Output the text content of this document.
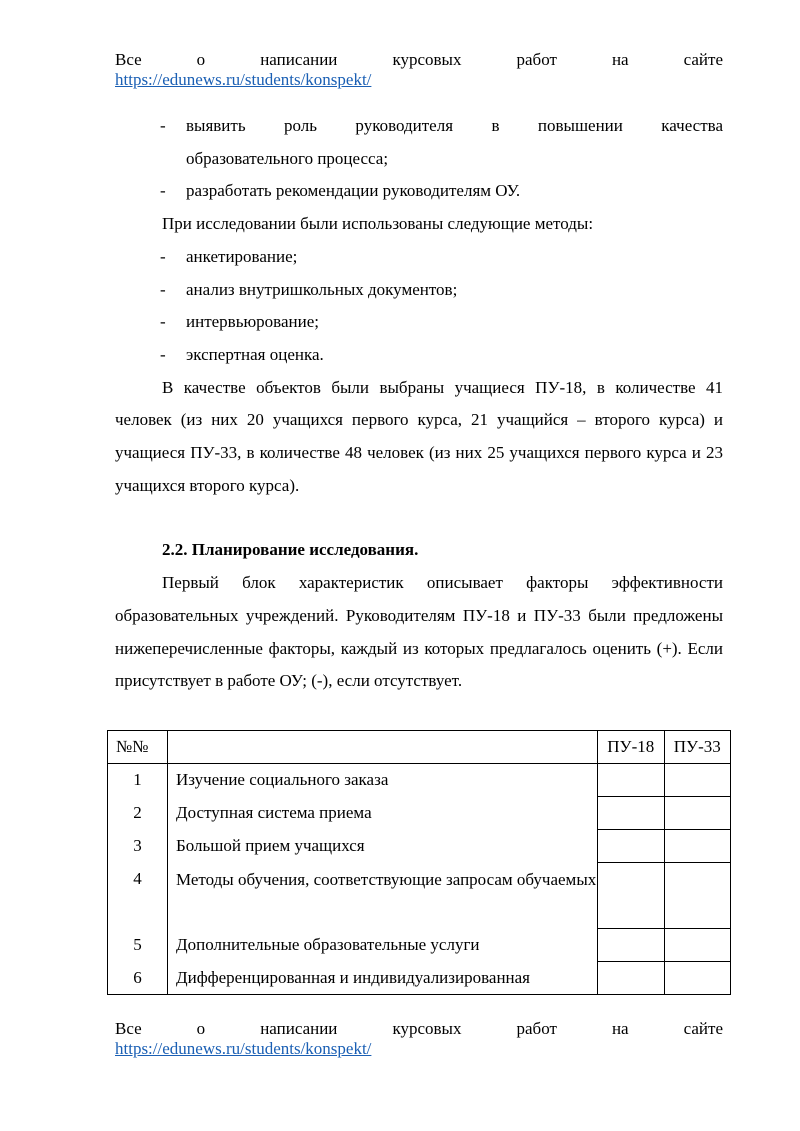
Все	о	написании	курсовых	работ	на	сайте
https://edunews.ru/students/konspekt/
-	выявить роль руководителя в повышении качества
образовательного процесса;
-	разработать рекомендации руководителям ОУ.

При исследовании были использованы следующие методы:

-	анкетирование;
-	анализ внутришкольных документов;
-	интервьюрование;
-	экспертная оценка.

В качестве объектов были выбраны учащиеся ПУ-18, в количестве 41 человек (из них 20 учащихся первого курса, 21 учащийся – второго курса) и учащиеся ПУ-33, в количестве 48 человек (из них 25 учащихся первого курса и 23 учащихся второго курса).

2.2. Планирование исследования.

Первый блок характеристик описывает факторы эффективности образовательных учреждений. Руководителям ПУ-18 и ПУ-33 были предложены нижеперечисленные факторы, каждый из которых предлагалось оценить (+). Если присутствует в работе ОУ; (-), если отсутствует.

№№		ПУ-18	ПУ-33
1	Изучение социального заказа		
2	Доступная система приема		
3	Большой прием учащихся		
4	Методы обучения, соответствующие запросам обучаемых		
5	Дополнительные образовательные услуги		
6	Дифференцированная и индивидуализированная		
Все	о	написании	курсовых	работ	на	сайте
https://edunews.ru/students/konspekt/
